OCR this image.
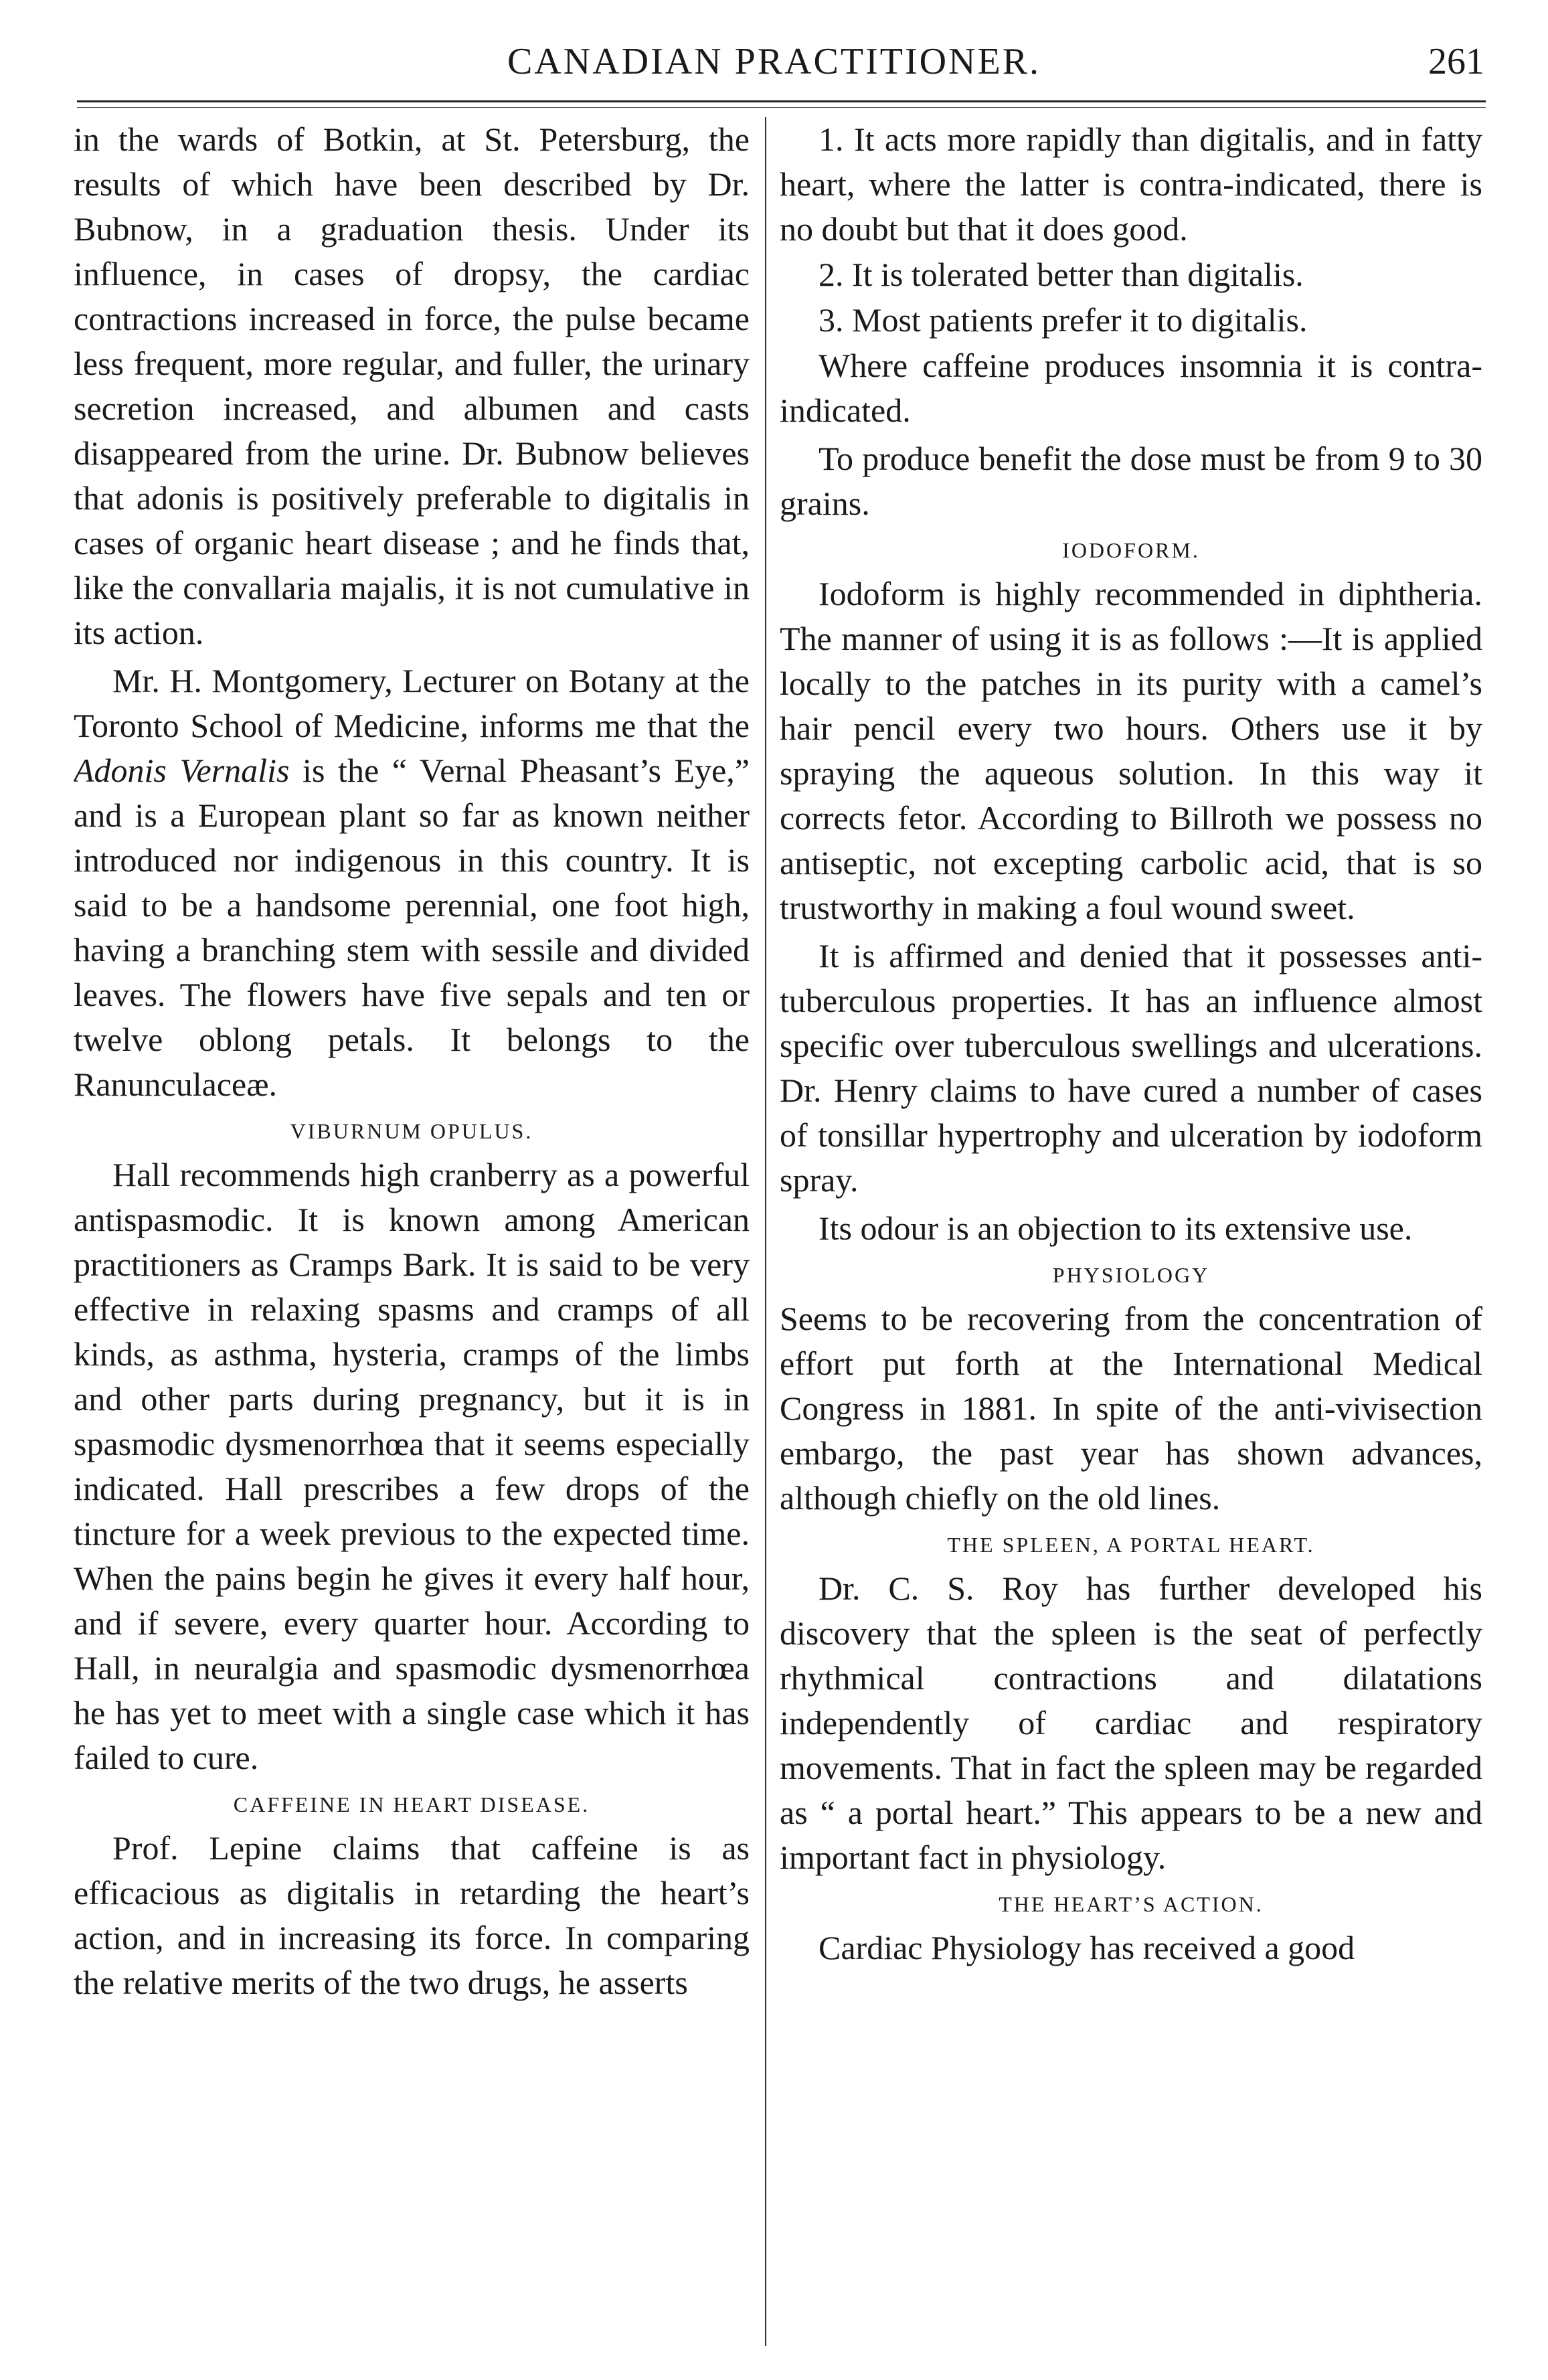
CANADIAN PRACTITIONER.	261

in the wards of Botkin, at St. Petersburg, the results of which have been described by Dr. Bubnow, in a graduation thesis. Under its influence, in cases of dropsy, the cardiac contractions increased in force, the pulse became less frequent, more regular, and fuller, the urinary secretion increased, and albumen and casts disappeared from the urine. Dr. Bubnow believes that adonis is positively preferable to digitalis in cases of organic heart disease ; and he finds that, like the convallaria majalis, it is not cumulative in its action.

Mr. H. Montgomery, Lecturer on Botany at the Toronto School of Medicine, informs me that the Adonis Vernalis is the “ Vernal Pheasant’s Eye,” and is a European plant so far as known neither introduced nor indigenous in this country. It is said to be a handsome perennial, one foot high, having a branching stem with sessile and divided leaves. The flowers have five sepals and ten or twelve oblong petals. It belongs to the Ranunculaceæ.

VIBURNUM OPULUS.

Hall recommends high cranberry as a powerful antispasmodic. It is known among American practitioners as Cramps Bark. It is said to be very effective in relaxing spasms and cramps of all kinds, as asthma, hysteria, cramps of the limbs and other parts during pregnancy, but it is in spasmodic dysmenorrhœa that it seems especially indicated. Hall prescribes a few drops of the tincture for a week previous to the expected time. When the pains begin he gives it every half hour, and if severe, every quarter hour. According to Hall, in neuralgia and spasmodic dysmenorrhœa he has yet to meet with a single case which it has failed to cure.

CAFFEINE IN HEART DISEASE.

Prof. Lepine claims that caffeine is as efficacious as digitalis in retarding the heart’s action, and in increasing its force. In comparing the relative merits of the two drugs, he asserts

1. It acts more rapidly than digitalis, and in fatty heart, where the latter is contra-indicated, there is no doubt but that it does good.

2. It is tolerated better than digitalis.

3. Most patients prefer it to digitalis.

Where caffeine produces insomnia it is contra-indicated.

To produce benefit the dose must be from 9 to 30 grains.

IODOFORM.

Iodoform is highly recommended in diphtheria. The manner of using it is as follows :—It is applied locally to the patches in its purity with a camel’s hair pencil every two hours. Others use it by spraying the aqueous solution. In this way it corrects fetor. According to Billroth we possess no antiseptic, not excepting carbolic acid, that is so trustworthy in making a foul wound sweet.

It is affirmed and denied that it possesses anti-tuberculous properties. It has an influence almost specific over tuberculous swellings and ulcerations. Dr. Henry claims to have cured a number of cases of tonsillar hypertrophy and ulceration by iodoform spray.

Its odour is an objection to its extensive use.

PHYSIOLOGY

Seems to be recovering from the concentration of effort put forth at the International Medical Congress in 1881. In spite of the anti-vivisection embargo, the past year has shown advances, although chiefly on the old lines.

THE SPLEEN, A PORTAL HEART.

Dr. C. S. Roy has further developed his discovery that the spleen is the seat of perfectly rhythmical contractions and dilatations independently of cardiac and respiratory movements. That in fact the spleen may be regarded as “ a portal heart.” This appears to be a new and important fact in physiology.

THE HEART’S ACTION.

Cardiac Physiology has received a good
